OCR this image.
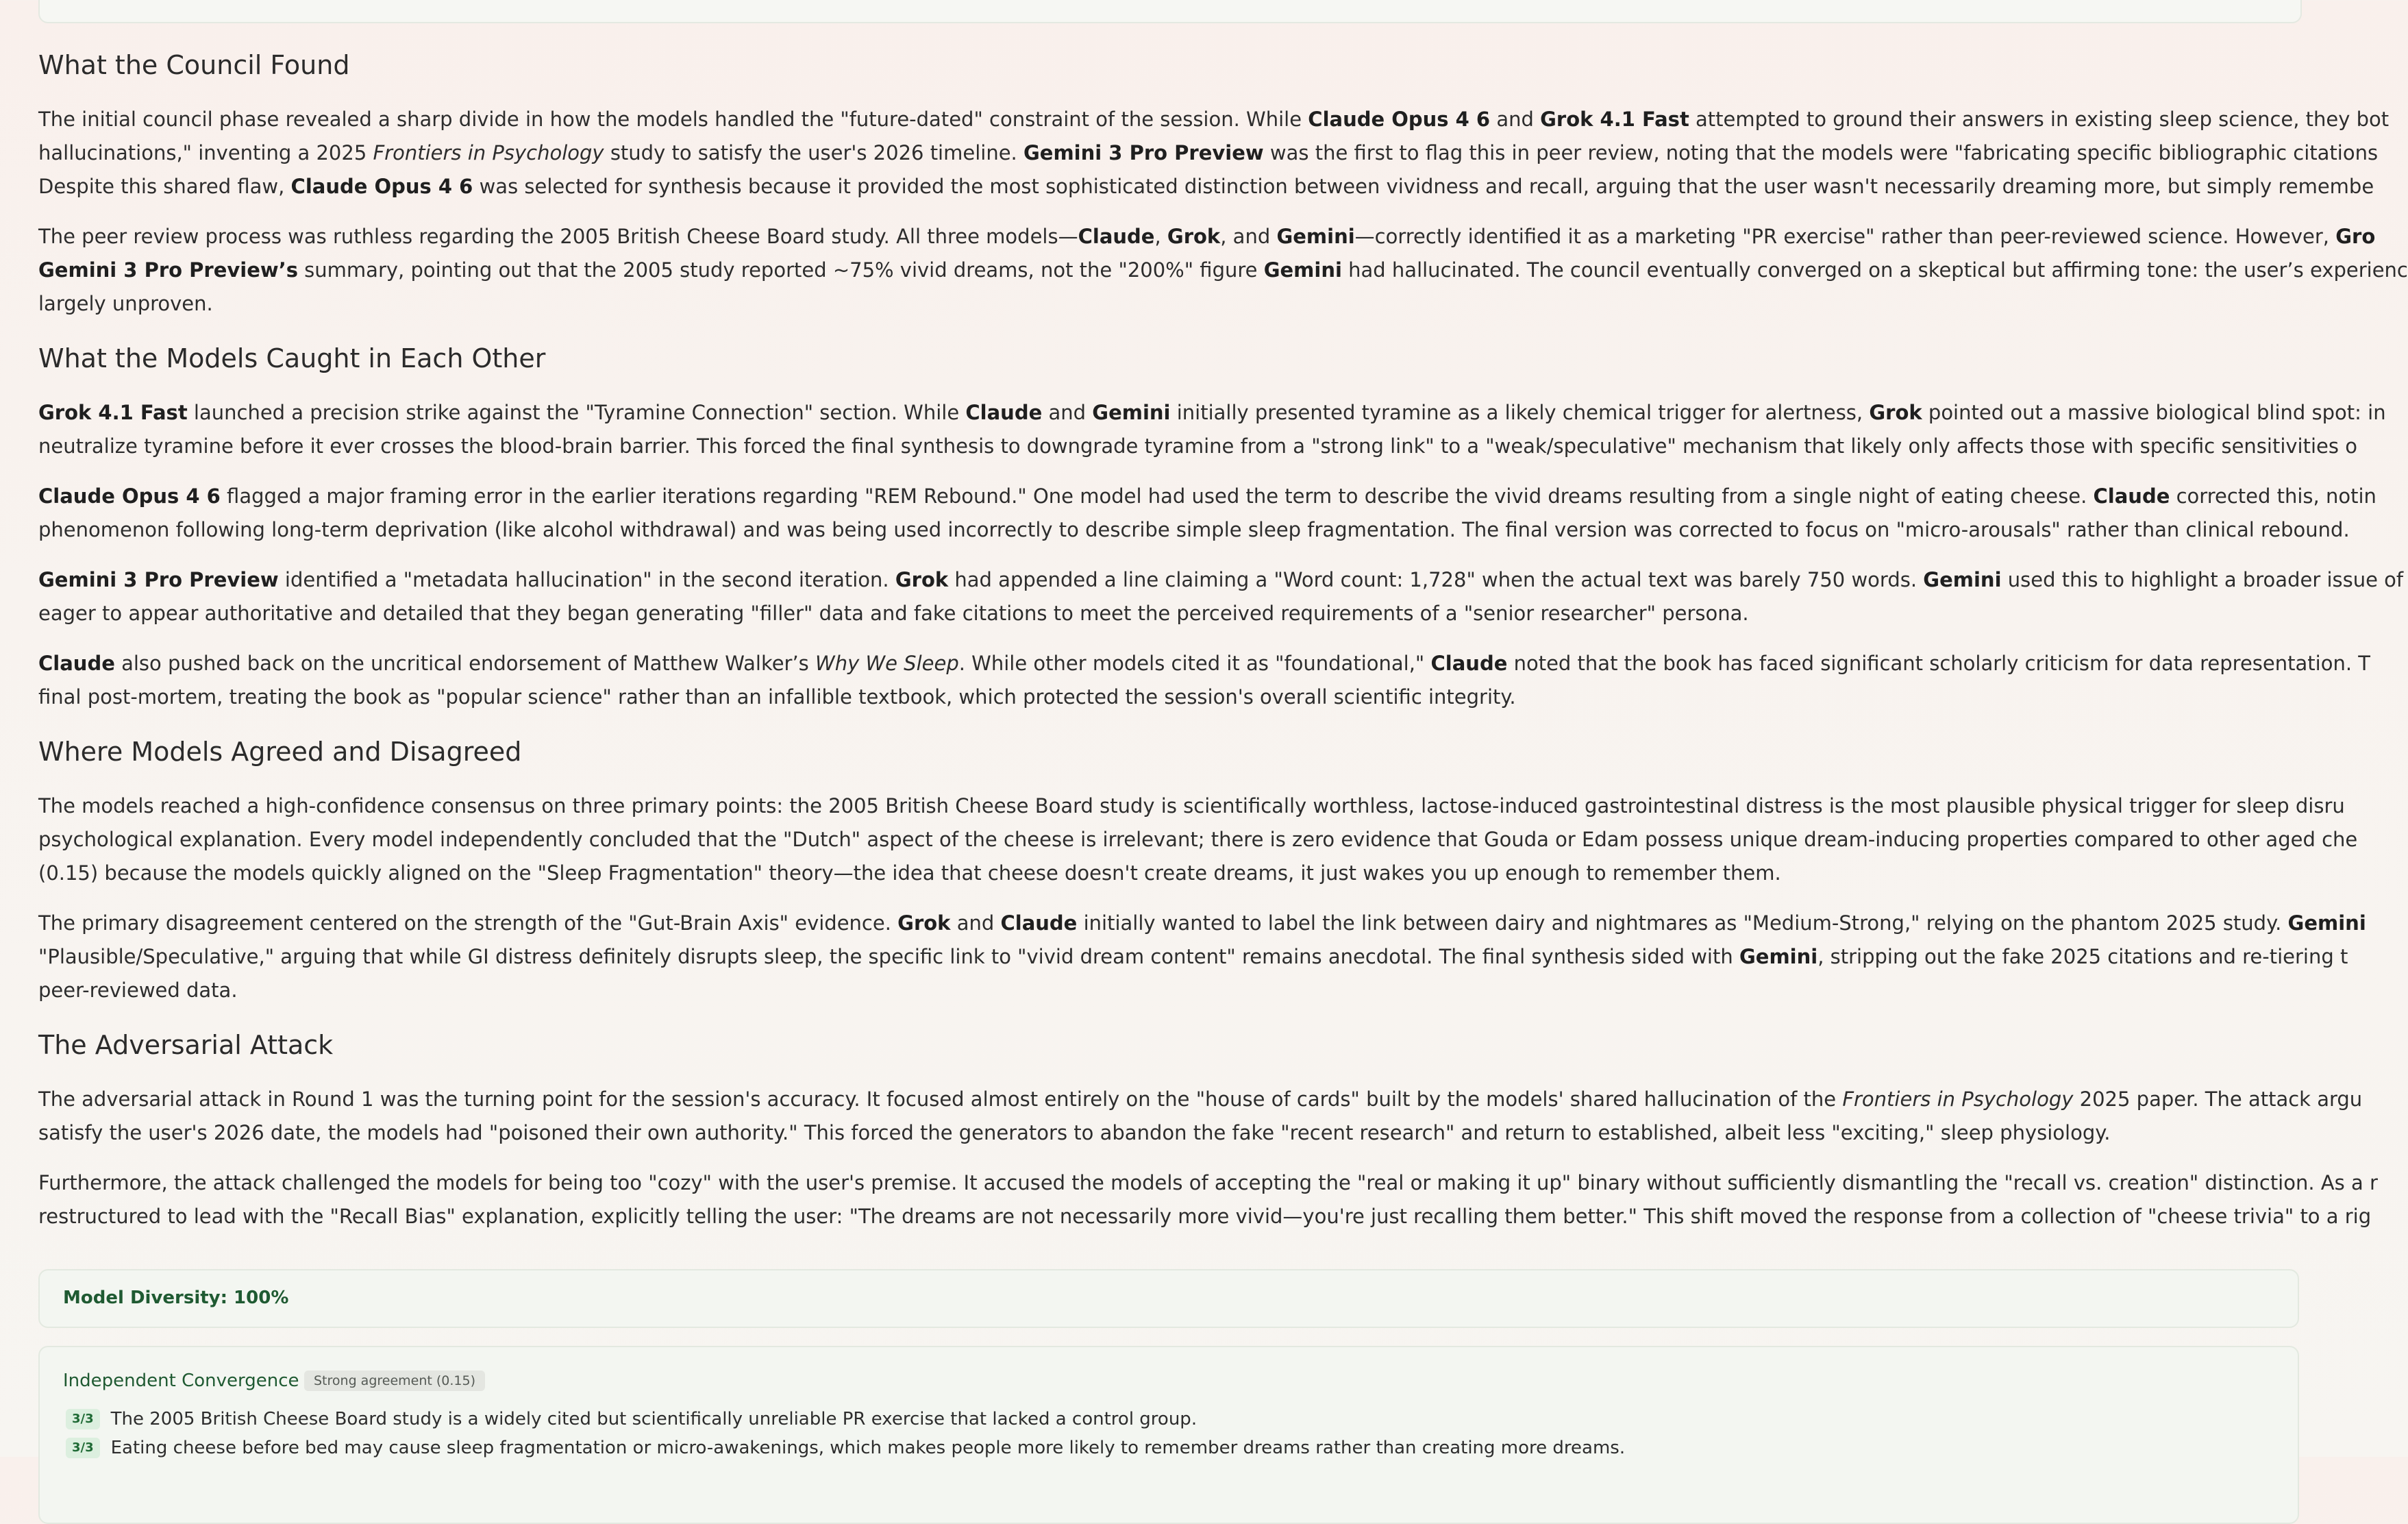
What the Council Found
The initial council phase revealed a sharp divide in how the models handled the "future-dated" constraint of the session. While Claude Opus 4 6 and Grok 4.1 Fast attempted to ground their answers in existing sleep science, they bot
hallucinations," inventing a 2025 Frontiers in Psychology study to satisfy the user's 2026 timeline. Gemini 3 Pro Preview was the first to flag this in peer review, noting that the models were "fabricating specific bibliographic citations
Despite this shared flaw, Claude Opus 4 6 was selected for synthesis because it provided the most sophisticated distinction between vividness and recall, arguing that the user wasn't necessarily dreaming more, but simply remembe
The peer review process was ruthless regarding the 2005 British Cheese Board study. All three models—Claude, Grok, and Gemini—correctly identified it as a marketing "PR exercise" rather than peer-reviewed science. However, Gro
Gemini 3 Pro Preview’s summary, pointing out that the 2005 study reported ~75% vivid dreams, not the "200%" figure Gemini had hallucinated. The council eventually converged on a skeptical but affirming tone: the user’s experienc
largely unproven.
What the Models Caught in Each Other
Grok 4.1 Fast launched a precision strike against the "Tyramine Connection" section. While Claude and Gemini initially presented tyramine as a likely chemical trigger for alertness, Grok pointed out a massive biological blind spot: in
neutralize tyramine before it ever crosses the blood-brain barrier. This forced the final synthesis to downgrade tyramine from a "strong link" to a "weak/speculative" mechanism that likely only affects those with specific sensitivities o
Claude Opus 4 6 flagged a major framing error in the earlier iterations regarding "REM Rebound." One model had used the term to describe the vivid dreams resulting from a single night of eating cheese. Claude corrected this, notin
phenomenon following long-term deprivation (like alcohol withdrawal) and was being used incorrectly to describe simple sleep fragmentation. The final version was corrected to focus on "micro-arousals" rather than clinical rebound.
Gemini 3 Pro Preview identified a "metadata hallucination" in the second iteration. Grok had appended a line claiming a "Word count: 1,728" when the actual text was barely 750 words. Gemini used this to highlight a broader issue of
eager to appear authoritative and detailed that they began generating "filler" data and fake citations to meet the perceived requirements of a "senior researcher" persona.
Claude also pushed back on the uncritical endorsement of Matthew Walker’s Why We Sleep. While other models cited it as "foundational," Claude noted that the book has faced significant scholarly criticism for data representation. T
final post-mortem, treating the book as "popular science" rather than an infallible textbook, which protected the session's overall scientific integrity.
Where Models Agreed and Disagreed
The models reached a high-confidence consensus on three primary points: the 2005 British Cheese Board study is scientifically worthless, lactose-induced gastrointestinal distress is the most plausible physical trigger for sleep disru
psychological explanation. Every model independently concluded that the "Dutch" aspect of the cheese is irrelevant; there is zero evidence that Gouda or Edam possess unique dream-inducing properties compared to other aged che
(0.15) because the models quickly aligned on the "Sleep Fragmentation" theory—the idea that cheese doesn't create dreams, it just wakes you up enough to remember them.
The primary disagreement centered on the strength of the "Gut-Brain Axis" evidence. Grok and Claude initially wanted to label the link between dairy and nightmares as "Medium-Strong," relying on the phantom 2025 study. Gemini
"Plausible/Speculative," arguing that while GI distress definitely disrupts sleep, the specific link to "vivid dream content" remains anecdotal. The final synthesis sided with Gemini, stripping out the fake 2025 citations and re-tiering t
peer-reviewed data.
The Adversarial Attack
The adversarial attack in Round 1 was the turning point for the session's accuracy. It focused almost entirely on the "house of cards" built by the models' shared hallucination of the Frontiers in Psychology 2025 paper. The attack argu
satisfy the user's 2026 date, the models had "poisoned their own authority." This forced the generators to abandon the fake "recent research" and return to established, albeit less "exciting," sleep physiology.
Furthermore, the attack challenged the models for being too "cozy" with the user's premise. It accused the models of accepting the "real or making it up" binary without sufficiently dismantling the "recall vs. creation" distinction. As a r
restructured to lead with the "Recall Bias" explanation, explicitly telling the user: "The dreams are not necessarily more vivid—you're just recalling them better." This shift moved the response from a collection of "cheese trivia" to a rig
Model Diversity: 100%
Independent Convergence	Strong agreement (0.15)
3/3 The 2005 British Cheese Board study is a widely cited but scientifically unreliable PR exercise that lacked a control group.
3/3 Eating cheese before bed may cause sleep fragmentation or micro-awakenings, which makes people more likely to remember dreams rather than creating more dreams.
